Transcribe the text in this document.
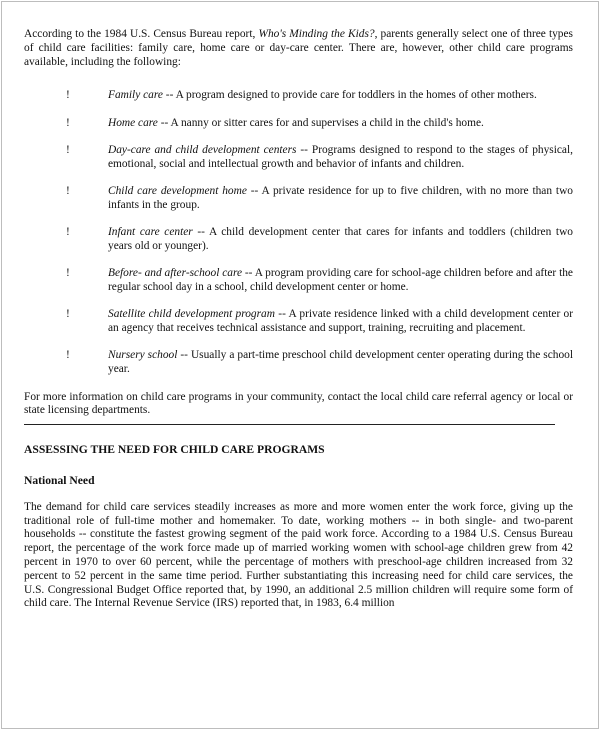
According to the 1984 U.S. Census Bureau report, Who's Minding the Kids?, parents generally select one of three types of child care facilities: family care, home care or day-care center. There are, however, other child care programs available, including the following:

!	Family care -- A program designed to provide care for toddlers in the homes of other mothers.
!	Home care -- A nanny or sitter cares for and supervises a child in the child's home.
!	Day-care and child development centers -- Programs designed to respond to the stages of physical, emotional, social and intellectual growth and behavior of infants and children.
!	Child care development home -- A private residence for up to five children, with no more than two infants in the group.
!	Infant care center -- A child development center that cares for infants and toddlers (children two years old or younger).
!	Before- and after-school care -- A program providing care for school-age children before and after the regular school day in a school, child development center or home.
!	Satellite child development program -- A private residence linked with a child development center or an agency that receives technical assistance and support, training, recruiting and placement.
!	Nursery school -- Usually a part-time preschool child development center operating during the school year.

For more information on child care programs in your community, contact the local child care referral agency or local or state licensing departments.

ASSESSING THE NEED FOR CHILD CARE PROGRAMS
National Need

The demand for child care services steadily increases as more and more women enter the work force, giving up the traditional role of full-time mother and homemaker. To date, working mothers -- in both single- and two-parent households -- constitute the fastest growing segment of the paid work force. According to a 1984 U.S. Census Bureau report, the percentage of the work force made up of married working women with school-age children grew from 42 percent in 1970 to over 60 percent, while the percentage of mothers with preschool-age children increased from 32 percent to 52 percent in the same time period. Further substantiating this increasing need for child care services, the U.S. Congressional Budget Office reported that, by 1990, an additional 2.5 million children will require some form of child care. The Internal Revenue Service (IRS) reported that, in 1983, 6.4 million
